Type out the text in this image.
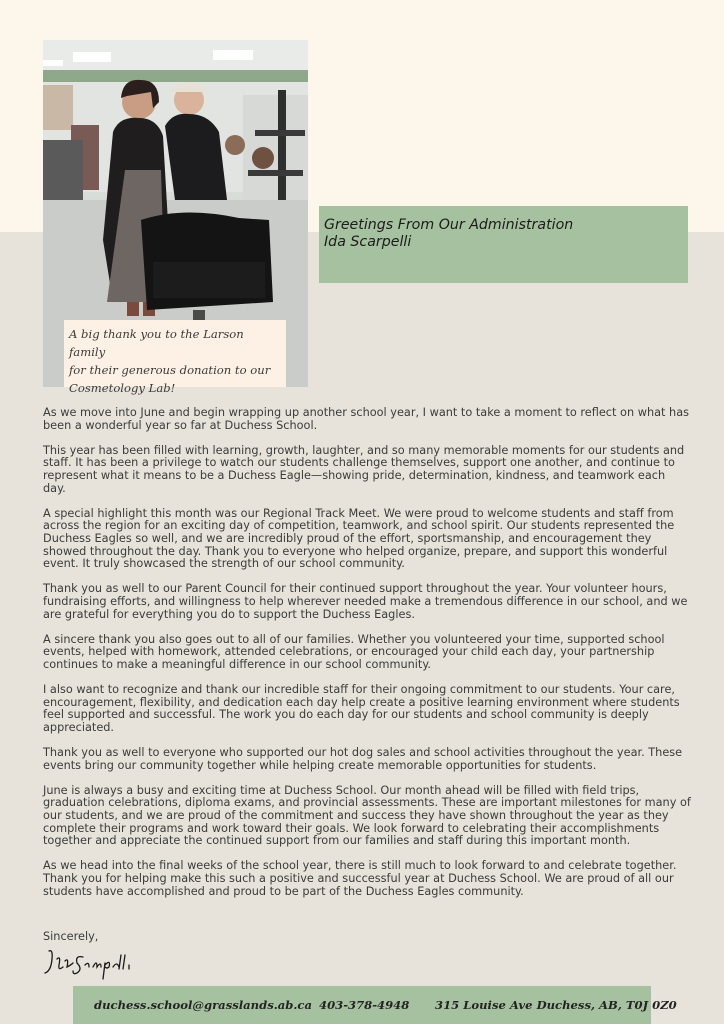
A big thank you to the Larson family
for their generous donation to our
Cosmetology Lab!
Greetings From Our Administration
Ida Scarpelli

As we move into June and begin wrapping up another school year, I want to take a moment to reflect on what has been a wonderful year so far at Duchess School.

This year has been filled with learning, growth, laughter, and so many memorable moments for our students and staff. It has been a privilege to watch our students challenge themselves, support one another, and continue to represent what it means to be a Duchess Eagle—showing pride, determination, kindness, and teamwork each day.

A special highlight this month was our Regional Track Meet. We were proud to welcome students and staff from across the region for an exciting day of competition, teamwork, and school spirit. Our students represented the Duchess Eagles so well, and we are incredibly proud of the effort, sportsmanship, and encouragement they showed throughout the day. Thank you to everyone who helped organize, prepare, and support this wonderful event. It truly showcased the strength of our school community.

Thank you as well to our Parent Council for their continued support throughout the year. Your volunteer hours, fundraising efforts, and willingness to help wherever needed make a tremendous difference in our school, and we are grateful for everything you do to support the Duchess Eagles.

A sincere thank you also goes out to all of our families. Whether you volunteered your time, supported school events, helped with homework, attended celebrations, or encouraged your child each day, your partnership continues to make a meaningful difference in our school community.

I also want to recognize and thank our incredible staff for their ongoing commitment to our students. Your care, encouragement, flexibility, and dedication each day help create a positive learning environment where students feel supported and successful. The work you do each day for our students and school community is deeply appreciated.

Thank you as well to everyone who supported our hot dog sales and school activities throughout the year. These events bring our community together while helping create memorable opportunities for students.

June is always a busy and exciting time at Duchess School. Our month ahead will be filled with field trips, graduation celebrations, diploma exams, and provincial assessments. These are important milestones for many of our students, and we are proud of the commitment and success they have shown throughout the year as they complete their programs and work toward their goals. We look forward to celebrating their accomplishments together and appreciate the continued support from our families and staff during this important month.

As we head into the final weeks of the school year, there is still much to look forward to and celebrate together. Thank you for helping make this such a positive and successful year at Duchess School. We are proud of all our students have accomplished and proud to be part of the Duchess Eagles community.

Sincerely,
duchess.school@grasslands.ab.ca 403-378-4948 315 Louise Ave Duchess, AB, T0J 0Z0
